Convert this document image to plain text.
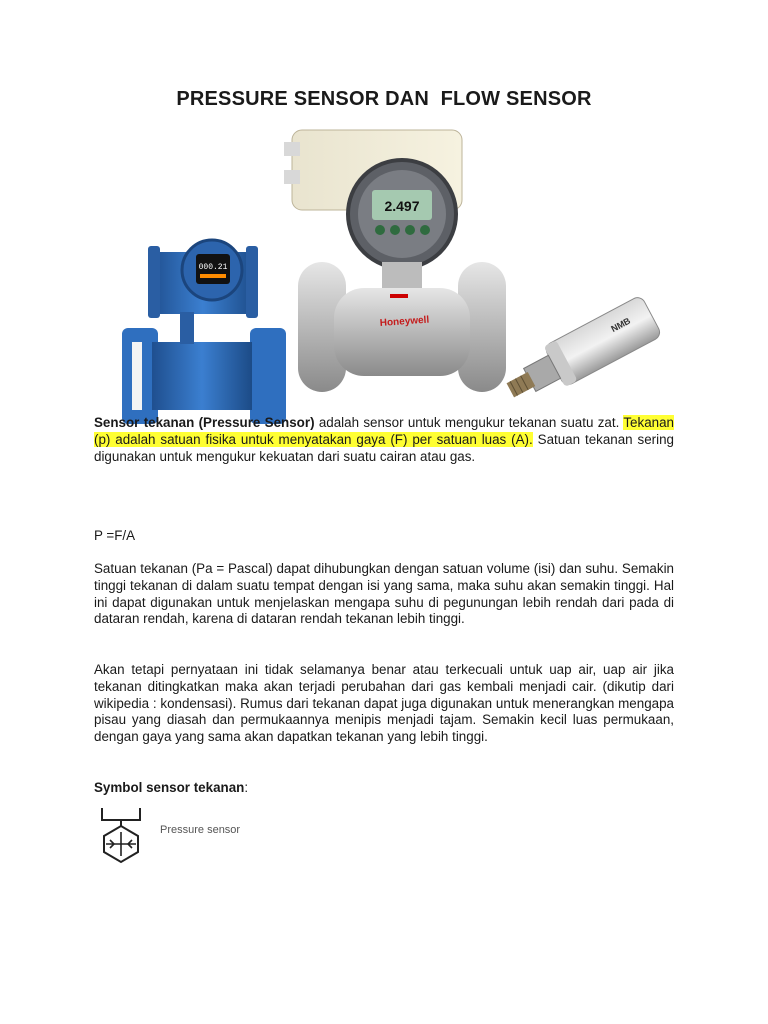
PRESSURE SENSOR DAN  FLOW SENSOR
000.21
2.497
Honeywell	NMB
Sensor tekanan (Pressure Sensor) adalah sensor untuk mengukur tekanan suatu zat. Tekanan (p) adalah satuan fisika untuk menyatakan gaya (F) per satuan luas (A). Satuan tekanan sering digunakan untuk mengukur kekuatan dari suatu cairan atau gas.
P =F/A
Satuan tekanan (Pa = Pascal) dapat dihubungkan dengan satuan volume (isi) dan suhu. Semakin tinggi tekanan di dalam suatu tempat dengan isi yang sama, maka suhu akan semakin tinggi. Hal ini dapat digunakan untuk menjelaskan mengapa suhu di pegunungan lebih rendah dari pada di dataran rendah, karena di dataran rendah tekanan lebih tinggi.
Akan tetapi pernyataan ini tidak selamanya benar atau terkecuali untuk uap air, uap air jika tekanan ditingkatkan maka akan terjadi perubahan dari gas kembali menjadi cair. (dikutip dari wikipedia : kondensasi). Rumus dari tekanan dapat juga digunakan untuk menerangkan mengapa pisau yang diasah dan permukaannya menipis menjadi tajam. Semakin kecil luas permukaan, dengan gaya yang sama akan dapatkan tekanan yang lebih tinggi.
Symbol sensor tekanan:
Pressure sensor
